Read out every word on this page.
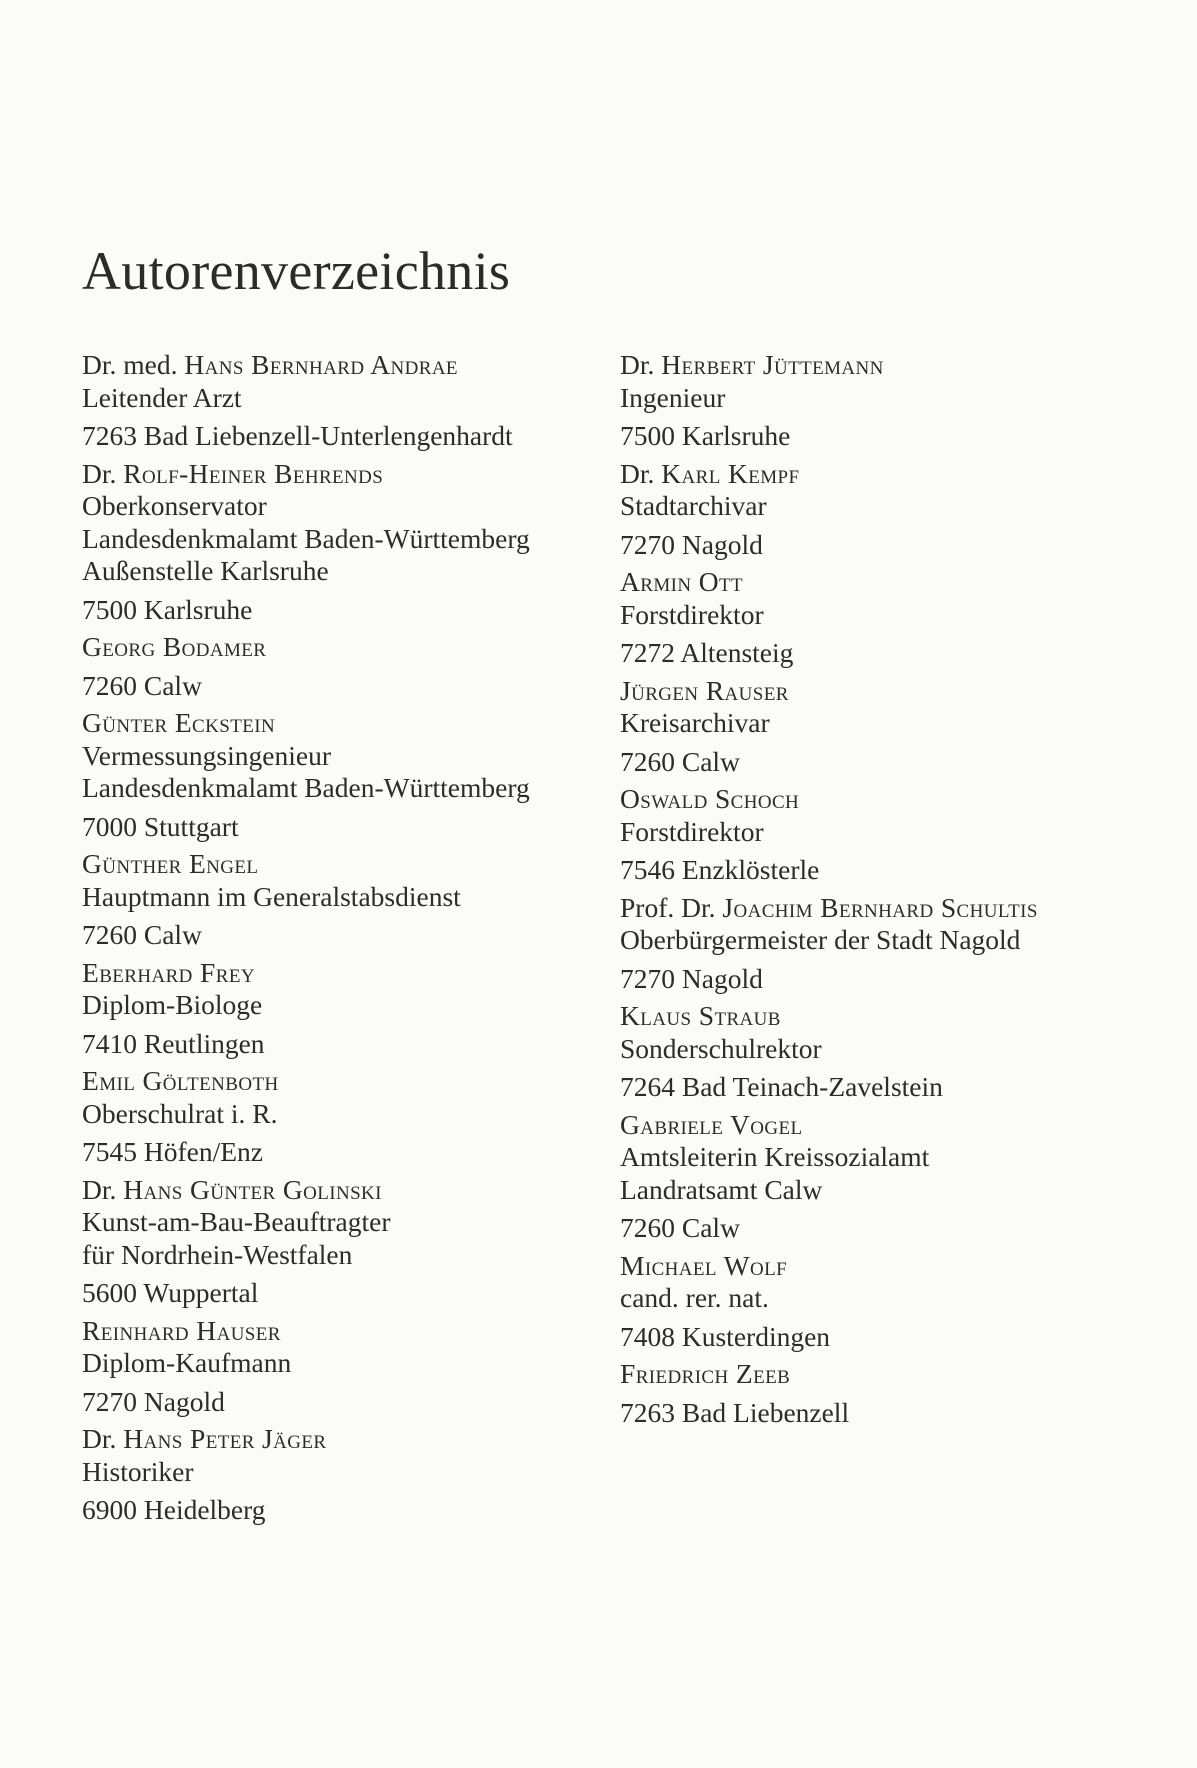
Autorenverzeichnis
Dr. med. Hans Bernhard Andrae
Leitender Arzt
7263 Bad Liebenzell-Unterlengenhardt
Dr. Rolf-Heiner Behrends
Oberkonservator
Landesdenkmalamt Baden-Württemberg
Außenstelle Karlsruhe
7500 Karlsruhe
Georg Bodamer
7260 Calw
Günter Eckstein
Vermessungsingenieur
Landesdenkmalamt Baden-Württemberg
7000 Stuttgart
Günther Engel
Hauptmann im Generalstabsdienst
7260 Calw
Eberhard Frey
Diplom-Biologe
7410 Reutlingen
Emil Göltenboth
Oberschulrat i. R.
7545 Höfen/Enz
Dr. Hans Günter Golinski
Kunst-am-Bau-Beauftragter
für Nordrhein-Westfalen
5600 Wuppertal
Reinhard Hauser
Diplom-Kaufmann
7270 Nagold
Dr. Hans Peter Jäger
Historiker
6900 Heidelberg
Dr. Herbert Jüttemann
Ingenieur
7500 Karlsruhe
Dr. Karl Kempf
Stadtarchivar
7270 Nagold
Armin Ott
Forstdirektor
7272 Altensteig
Jürgen Rauser
Kreisarchivar
7260 Calw
Oswald Schoch
Forstdirektor
7546 Enzklösterle
Prof. Dr. Joachim Bernhard Schultis
Oberbürgermeister der Stadt Nagold
7270 Nagold
Klaus Straub
Sonderschulrektor
7264 Bad Teinach-Zavelstein
Gabriele Vogel
Amtsleiterin Kreissozialamt
Landratsamt Calw
7260 Calw
Michael Wolf
cand. rer. nat.
7408 Kusterdingen
Friedrich Zeeb
7263 Bad Liebenzell
